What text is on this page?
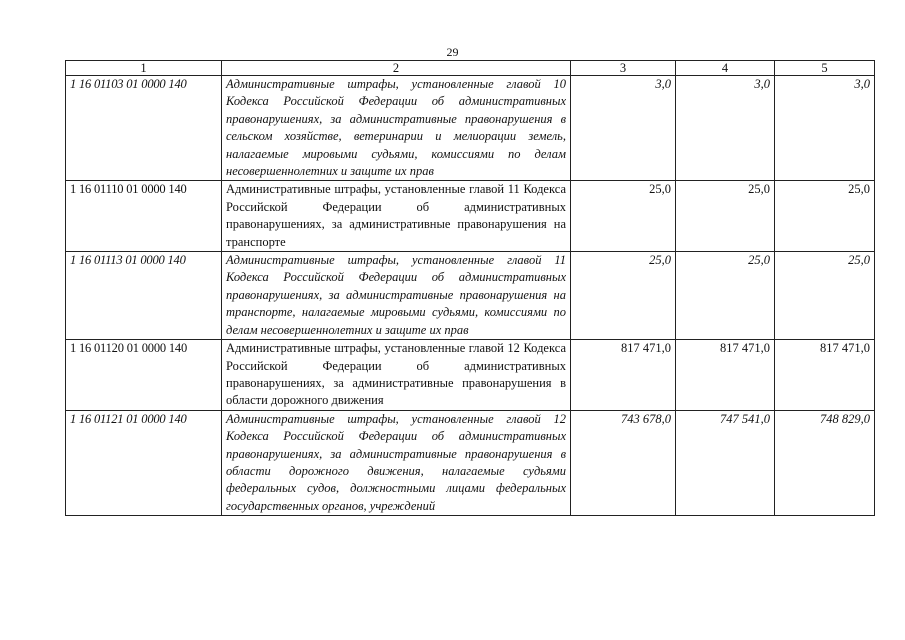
29
1	2	3	4	5
1 16 01103 01 0000 140	Административные штрафы, установленные главой 10 Кодекса Российской Федерации об административных правонарушениях, за административные правонарушения в сельском хозяйстве, ветеринарии и мелиорации земель, налагаемые мировыми судьями, комиссиями по делам несовершеннолетних и защите их прав	3,0	3,0	3,0
1 16 01110 01 0000 140	Административные штрафы, установленные главой 11 Кодекса Российской Федерации об административных правонарушениях, за административные правонарушения на транспорте	25,0	25,0	25,0
1 16 01113 01 0000 140	Административные штрафы, установленные главой 11 Кодекса Российской Федерации об административных правонарушениях, за административные правонарушения на транспорте, налагаемые мировыми судьями, комиссиями по делам несовершеннолетних и защите их прав	25,0	25,0	25,0
1 16 01120 01 0000 140	Административные штрафы, установленные главой 12 Кодекса Российской Федерации об административных правонарушениях, за административные правонарушения в области дорожного движения	817 471,0	817 471,0	817 471,0
1 16 01121 01 0000 140	Административные штрафы, установленные главой 12 Кодекса Российской Федерации об административных правонарушениях, за административные правонарушения в области дорожного движения, налагаемые судьями федеральных судов, должностными лицами федеральных государственных органов, учреждений	743 678,0	747 541,0	748 829,0
